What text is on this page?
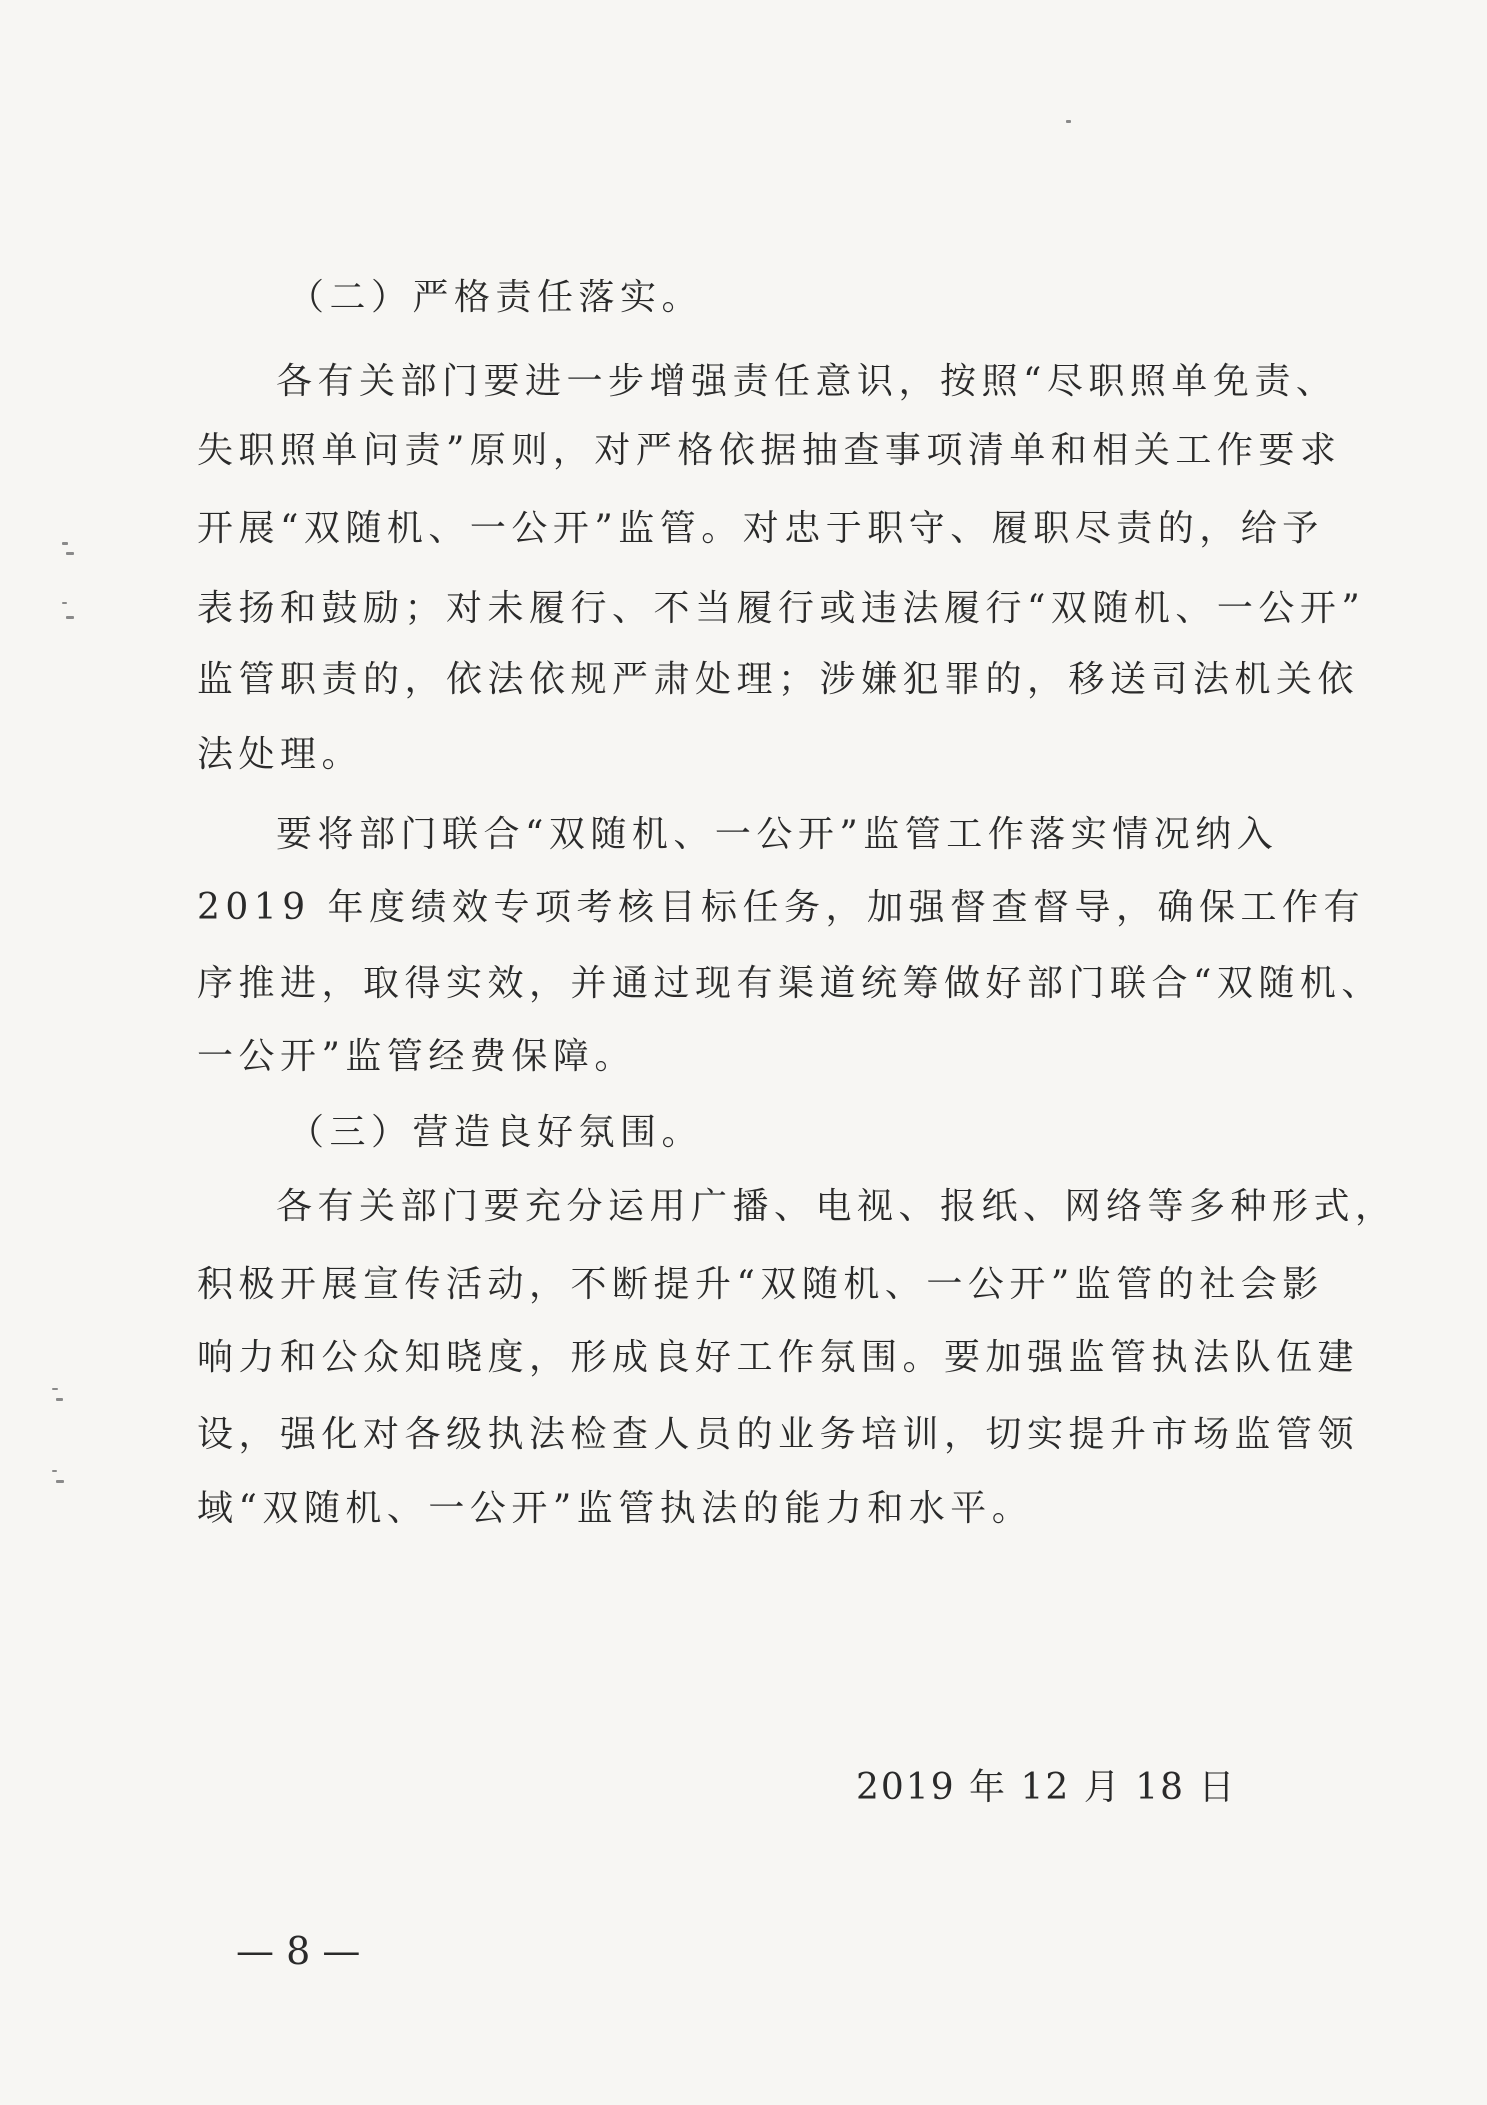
（二）严格责任落实。
各有关部门要进一步增强责任意识，按照“尽职照单免责、
失职照单问责”原则，对严格依据抽查事项清单和相关工作要求
开展“双随机、一公开”监管。对忠于职守、履职尽责的，给予
表扬和鼓励；对未履行、不当履行或违法履行“双随机、一公开”
监管职责的，依法依规严肃处理；涉嫌犯罪的，移送司法机关依
法处理。
要将部门联合“双随机、一公开”监管工作落实情况纳入
2019 年度绩效专项考核目标任务，加强督查督导，确保工作有
序推进，取得实效，并通过现有渠道统筹做好部门联合“双随机、
一公开”监管经费保障。
（三）营造良好氛围。
各有关部门要充分运用广播、电视、报纸、网络等多种形式，
积极开展宣传活动，不断提升“双随机、一公开”监管的社会影
响力和公众知晓度，形成良好工作氛围。要加强监管执法队伍建
设，强化对各级执法检查人员的业务培训，切实提升市场监管领
域“双随机、一公开”监管执法的能力和水平。
2019 年 12 月 18 日
— 8 —
